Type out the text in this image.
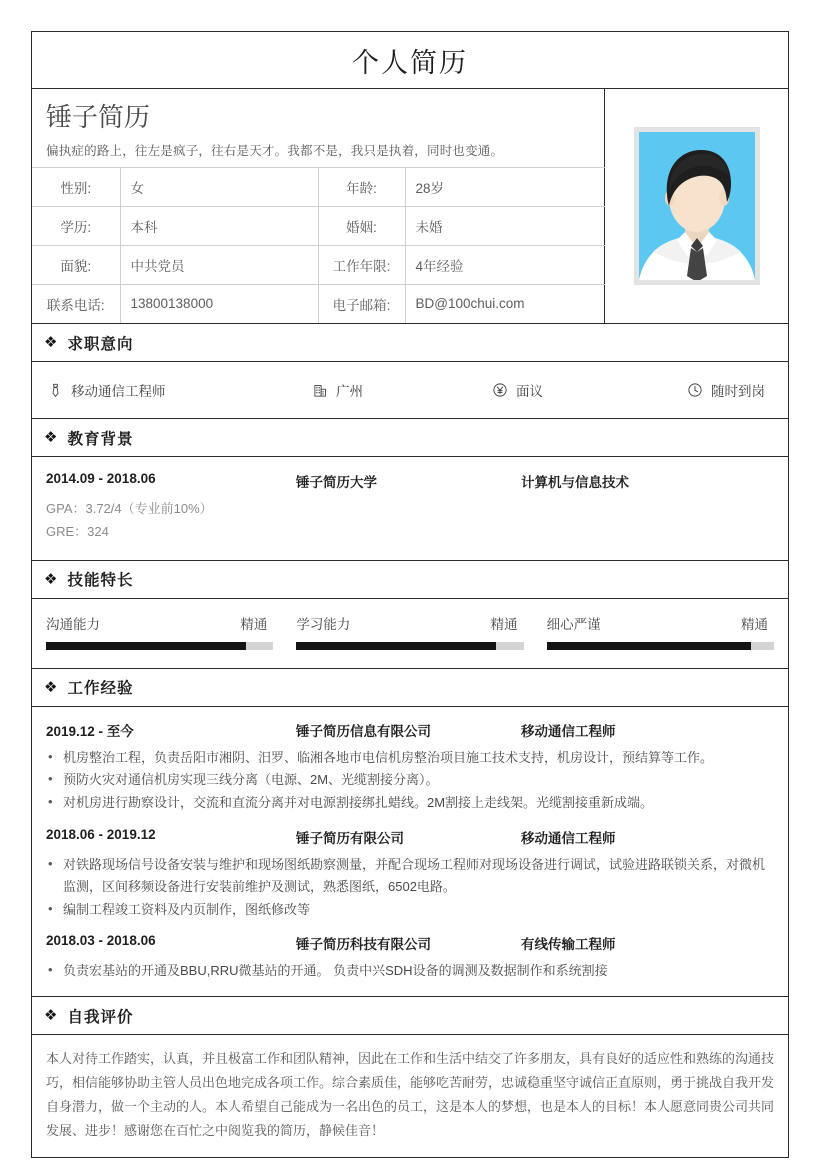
个人简历
锤子简历
偏执症的路上，往左是疯子，往右是天才。我都不是，我只是执着，同时也变通。
性别:	女	年龄:	28岁
学历:	本科	婚姻:	未婚
面貌:	中共党员	工作年限:	4年经验
联系电话:	13800138000	电子邮箱:	BD@100chui.com
❖ 求职意向
移动通信工程师	广州	面议	随时到岗
❖ 教育背景
2014.09 - 2018.06	锤子简历大学	计算机与信息技术
GPA：3.72/4（专业前10%）
GRE：324
❖ 技能特长
沟通能力	精通 学习能力	精通 细心严谨	精通
❖ 工作经验
2019.12 - 至今	锤子简历信息有限公司	移动通信工程师
• 机房整治工程，负责岳阳市湘阴、汨罗、临湘各地市电信机房整治项目施工技术支持，机房设计，预结算等工作。
• 预防火灾对通信机房实现三线分离（电源、2M、光缆割接分离）。
• 对机房进行勘察设计，交流和直流分离并对电源割接绑扎蜡线。2M割接上走线架。光缆割接重新成端。
2018.06 - 2019.12	锤子简历有限公司	移动通信工程师
• 对铁路现场信号设备安装与维护和现场图纸勘察测量，并配合现场工程师对现场设备进行调试，试验进路联锁关系，对微机监测，区间移频设备进行安装前维护及测试，熟悉图纸，6502电路。
• 编制工程竣工资料及内页制作，图纸修改等
2018.03 - 2018.06	锤子简历科技有限公司	有线传输工程师
• 负责宏基站的开通及BBU,RRU微基站的开通。 负责中兴SDH设备的调测及数据制作和系统割接
❖ 自我评价
本人对待工作踏实，认真，并且极富工作和团队精神，因此在工作和生活中结交了许多朋友，具有良好的适应性和熟练的沟通技巧，相信能够协助主管人员出色地完成各项工作。综合素质佳，能够吃苦耐劳，忠诚稳重坚守诚信正直原则，勇于挑战自我开发自身潜力，做一个主动的人。本人希望自己能成为一名出色的员工，这是本人的梦想，也是本人的目标！本人愿意同贵公司共同发展、进步！感谢您在百忙之中阅览我的简历，静候佳音！
